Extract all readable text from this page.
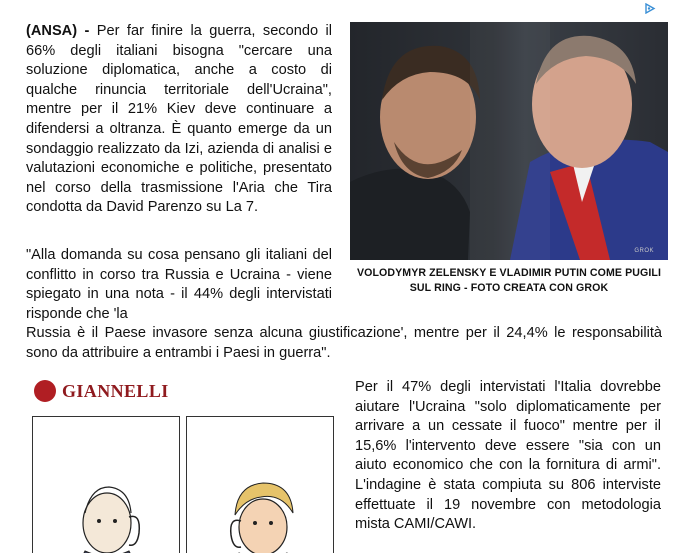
(ANSA) - Per far finire la guerra, secondo il 66% degli italiani bisogna "cercare una soluzione diplomatica, anche a costo di qualche rinuncia territoriale dell'Ucraina", mentre per il 21% Kiev deve continuare a difendersi a oltranza. È quanto emerge da un sondaggio realizzato da Izi, azienda di analisi e valutazioni economiche e politiche, presentato nel corso della trasmissione l'Aria che Tira condotta da David Parenzo su La 7.
GROK
VOLODYMYR ZELENSKY E VLADIMIR PUTIN COME PUGILI SUL RING - FOTO CREATA CON GROK
"Alla domanda su cosa pensano gli italiani del conflitto in corso tra Russia e Ucraina - viene spiegato in una nota - il 44% degli intervistati risponde che 'la
Russia è il Paese invasore senza alcuna giustificazione', mentre per il 24,4% le responsabilità sono da attribuire a entrambi i Paesi in guerra".
GIANNELLI	Per il 47% degli intervistati l'Italia dovrebbe aiutare l'Ucraina "solo diplomaticamente per arrivare a un cessate il fuoco" mentre per il 15,6% l'intervento deve essere "sia con un aiuto economico che con la fornitura di armi". L'indagine è stata compiuta su 806 interviste effettuate il 19 novembre con metodologia mista CAMI/CAWI.
